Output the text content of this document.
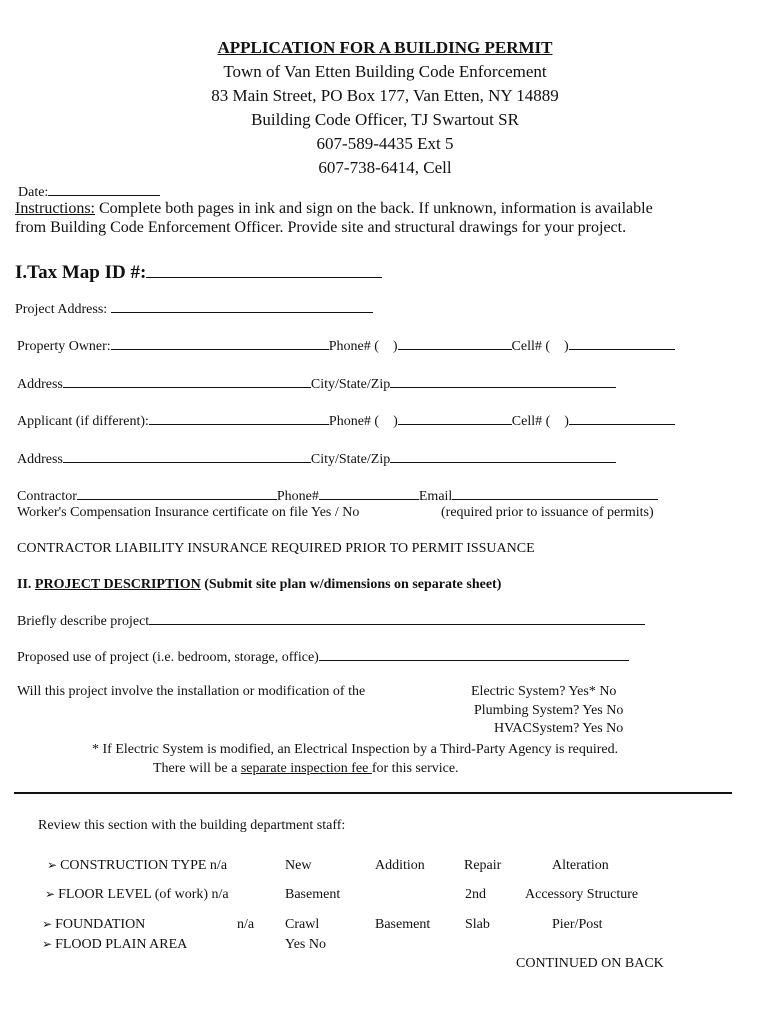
APPLICATION FOR A BUILDING PERMIT
Town of Van Etten Building Code Enforcement
83 Main Street, PO Box 177, Van Etten, NY 14889
Building Code Officer, TJ Swartout SR
607-589-4435 Ext 5
607-738-6414, Cell
Date:
Instructions: Complete both pages in ink and sign on the back. If unknown, information is available
from Building Code Enforcement Officer. Provide site and structural drawings for your project.
I.Tax Map ID #:
Project Address:
Property Owner:	Phone# ( )	Cell# ( )
Address	City/State/Zip
Applicant (if different):	Phone# ( )	Cell# ( )
Address	City/State/Zip
Contractor	Phone#	Email
Worker's Compensation Insurance certificate on file Yes / No	(required prior to issuance of permits)
CONTRACTOR LIABILITY INSURANCE REQUIRED PRIOR TO PERMIT ISSUANCE
II. PROJECT DESCRIPTION (Submit site plan w/dimensions on separate sheet)
Briefly describe project
Proposed use of project (i.e. bedroom, storage, office)
Will this project involve the installation or modification of the	Electric System? Yes* No
Plumbing System? Yes No
HVACSystem? Yes No
* If Electric System is modified, an Electrical Inspection by a Third-Party Agency is required.
There will be a separate inspection fee for this service.
Review this section with the building department staff:
➢ CONSTRUCTION TYPE n/a	New	Addition	Repair	Alteration
➢ FLOOR LEVEL (of work) n/a	Basement	2nd	Accessory Structure
➢ FOUNDATION	n/a Crawl	Basement Slab	Pier/Post
➢ FLOOD PLAIN AREA	Yes No
CONTINUED ON BACK
